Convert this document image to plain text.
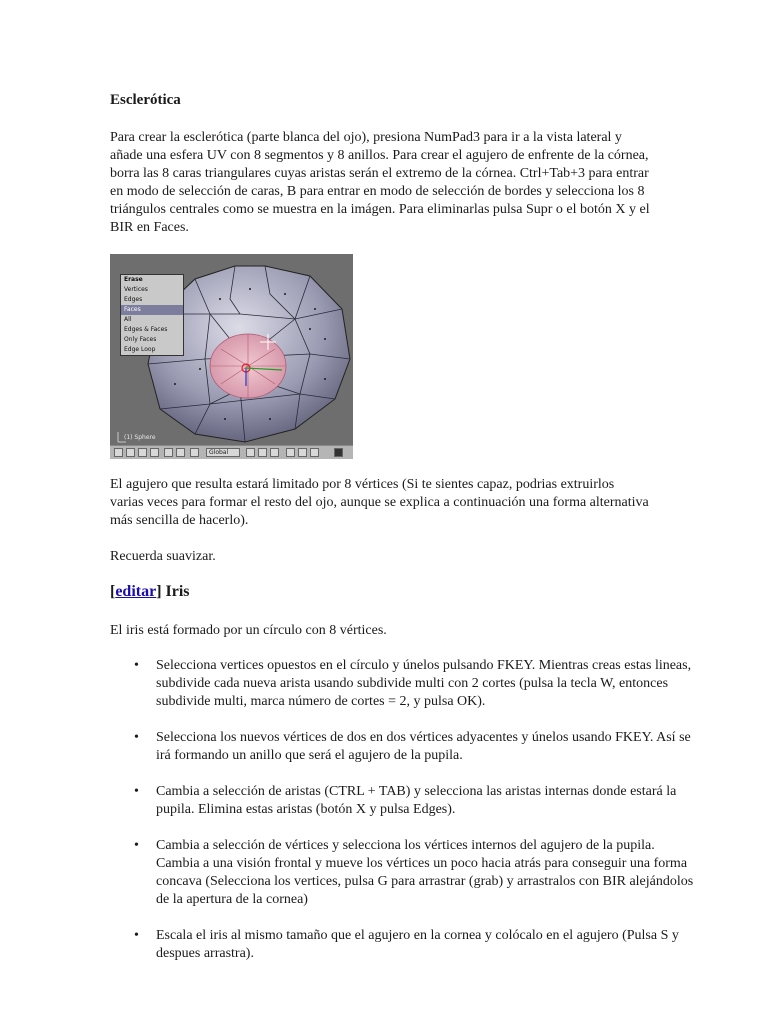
Esclerótica

Para crear la esclerótica (parte blanca del ojo), presiona NumPad3 para ir a la vista lateral y añade una esfera UV con 8 segmentos y 8 anillos. Para crear el agujero de enfrente de la córnea, borra las 8 caras triangulares cuyas aristas serán el extremo de la córnea. Ctrl+Tab+3 para entrar en modo de selección de caras, B para entrar en modo de selección de bordes y selecciona los 8 triángulos centrales como se muestra en la imágen. Para eliminarlas pulsa Supr o el botón X y el BIR en Faces.

Erase
Vertices
Edges
Faces
All
Edges & Faces
Only Faces
Edge Loop
(1) Sphere
Global

El agujero que resulta estará limitado por 8 vértices (Si te sientes capaz, podrias extruirlos varias veces para formar el resto del ojo, aunque se explica a continuación una forma alternativa más sencilla de hacerlo).

Recuerda suavizar.

[editar] Iris

El iris está formado por un círculo con 8 vértices.

• Selecciona vertices opuestos en el círculo y únelos pulsando FKEY. Mientras creas estas lineas, subdivide cada nueva arista usando subdivide multi con 2 cortes (pulsa la tecla W, entonces subdivide multi, marca número de cortes = 2, y pulsa OK).
• Selecciona los nuevos vértices de dos en dos vértices adyacentes y únelos usando FKEY. Así se irá formando un anillo que será el agujero de la pupila.
• Cambia a selección de aristas (CTRL + TAB) y selecciona las aristas internas donde estará la pupila. Elimina estas aristas (botón X y pulsa Edges).
• Cambia a selección de vértices y selecciona los vértices internos del agujero de la pupila. Cambia a una visión frontal y mueve los vértices un poco hacia atrás para conseguir una forma concava (Selecciona los vertices, pulsa G para arrastrar (grab) y arrastralos con BIR alejándolos de la apertura de la cornea)
• Escala el iris al mismo tamaño que el agujero en la cornea y colócalo en el agujero (Pulsa S y despues arrastra).
